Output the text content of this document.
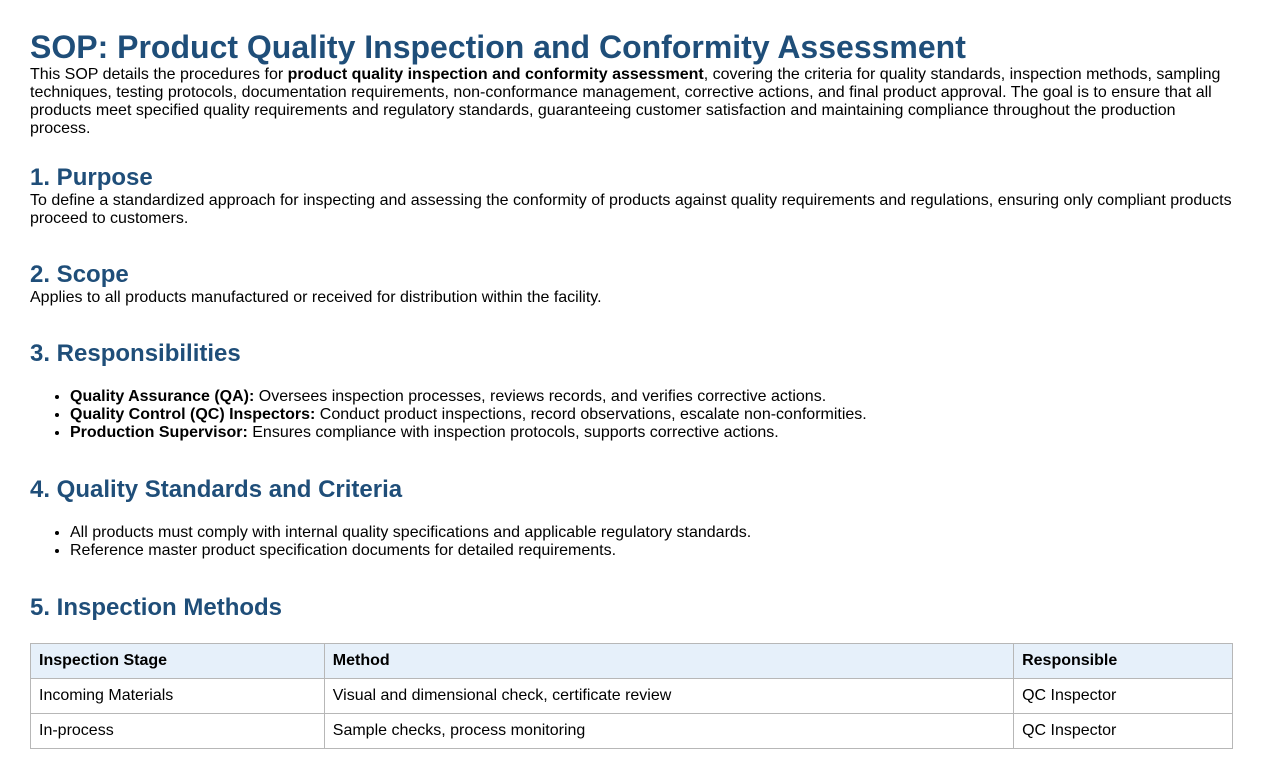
SOP: Product Quality Inspection and Conformity Assessment

This SOP details the procedures for product quality inspection and conformity assessment, covering the criteria for quality standards, inspection methods, sampling techniques, testing protocols, documentation requirements, non-conformance management, corrective actions, and final product approval. The goal is to ensure that all products meet specified quality requirements and regulatory standards, guaranteeing customer satisfaction and maintaining compliance throughout the production process.

1. Purpose

To define a standardized approach for inspecting and assessing the conformity of products against quality requirements and regulations, ensuring only compliant products proceed to customers.

2. Scope

Applies to all products manufactured or received for distribution within the facility.

3. Responsibilities
• Quality Assurance (QA): Oversees inspection processes, reviews records, and verifies corrective actions.
• Quality Control (QC) Inspectors: Conduct product inspections, record observations, escalate non-conformities.
• Production Supervisor: Ensures compliance with inspection protocols, supports corrective actions.
4. Quality Standards and Criteria
• All products must comply with internal quality specifications and applicable regulatory standards.
• Reference master product specification documents for detailed requirements.
5. Inspection Methods
Inspection Stage	Method	Responsible
Incoming Materials	Visual and dimensional check, certificate review	QC Inspector
In-process	Sample checks, process monitoring	QC Inspector
